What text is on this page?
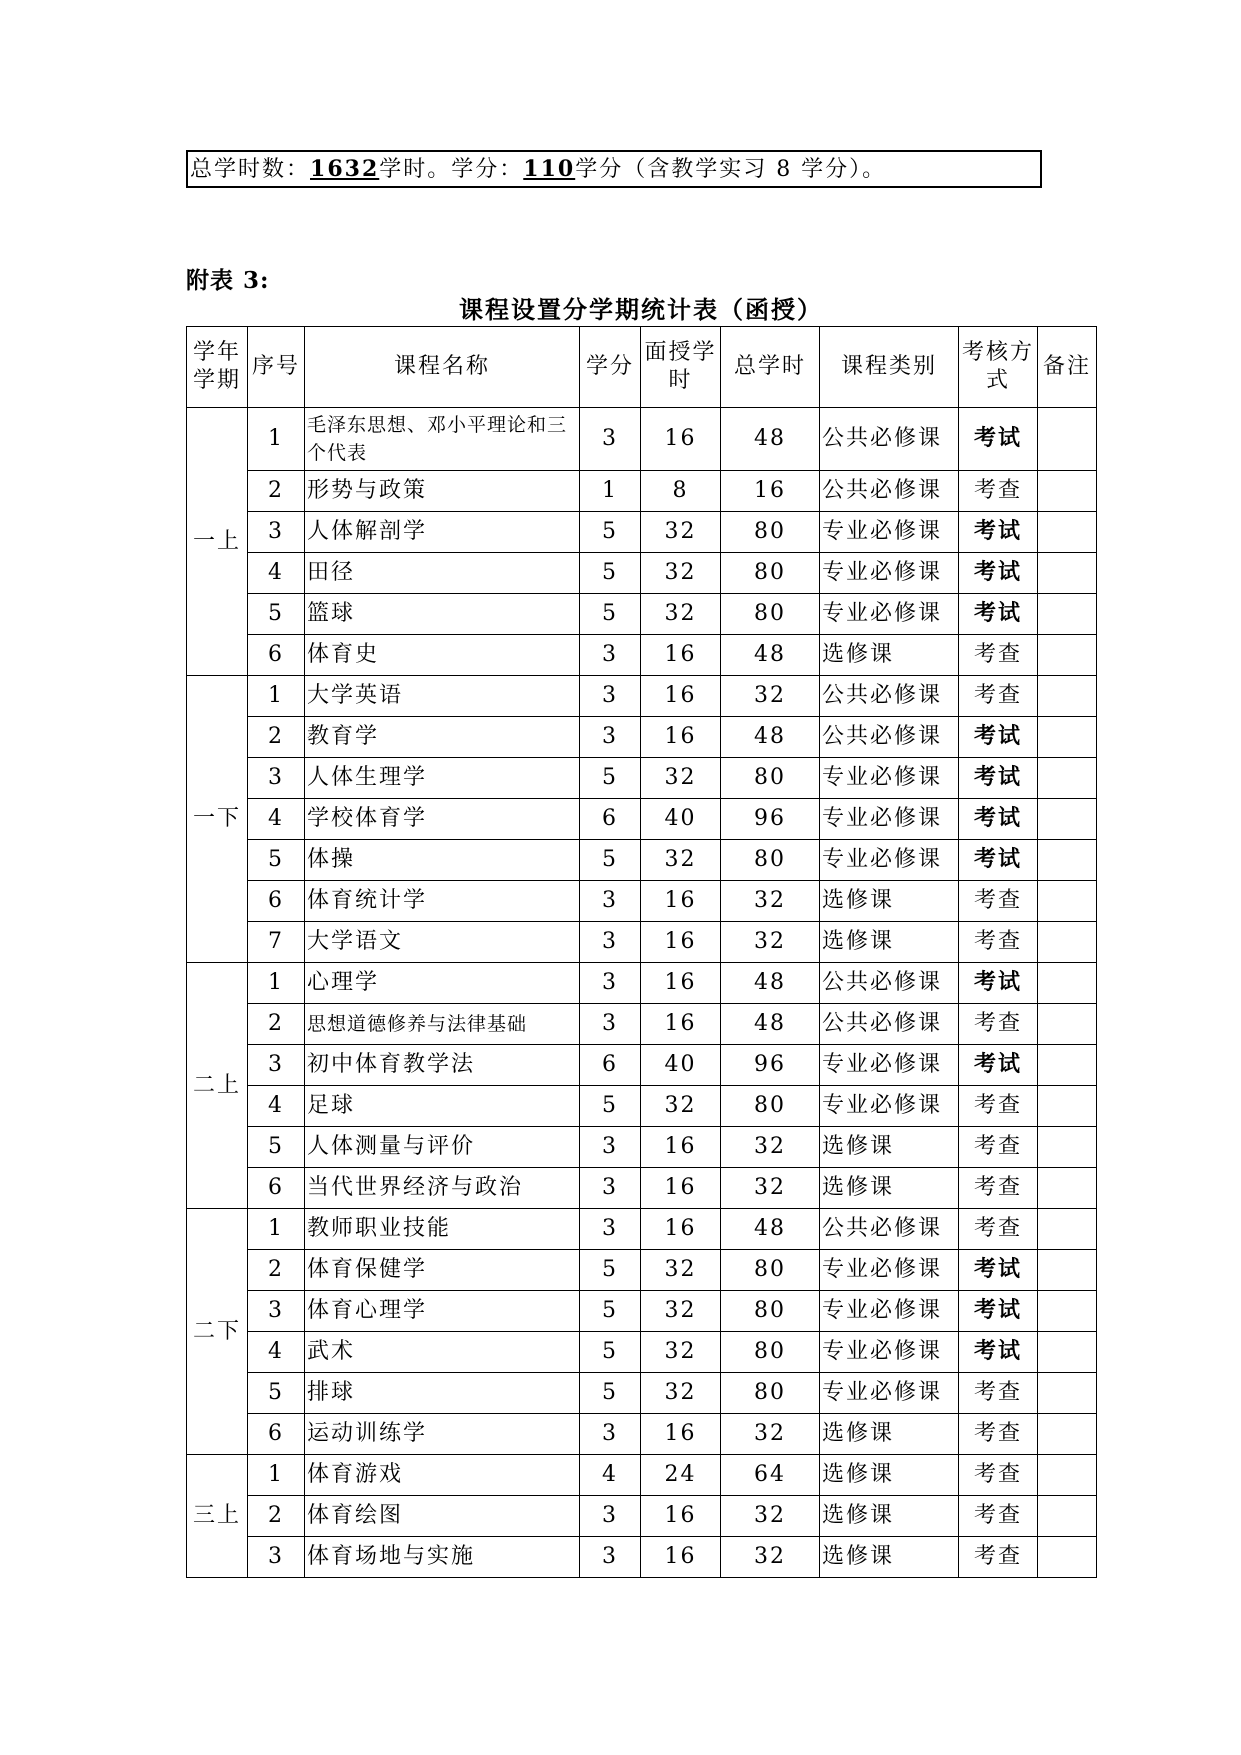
总学时数：1632学时。学分：110学分（含教学实习 8 学分）。
附表 3:
课程设置分学期统计表（函授）
学年学期	序号	课程名称	学分	面授学时	总学时	课程类别	考核方式	备注
一上	1	毛泽东思想、邓小平理论和三个代表	3	16	48	公共必修课	考试	
	2	形势与政策	1	8	16	公共必修课	考查	
	3	人体解剖学	5	32	80	专业必修课	考试	
	4	田径	5	32	80	专业必修课	考试	
	5	篮球	5	32	80	专业必修课	考试	
	6	体育史	3	16	48	选修课	考查	
一下	1	大学英语	3	16	32	公共必修课	考查	
	2	教育学	3	16	48	公共必修课	考试	
	3	人体生理学	5	32	80	专业必修课	考试	
	4	学校体育学	6	40	96	专业必修课	考试	
	5	体操	5	32	80	专业必修课	考试	
	6	体育统计学	3	16	32	选修课	考查	
	7	大学语文	3	16	32	选修课	考查	
二上	1	心理学	3	16	48	公共必修课	考试	
	2	思想道德修养与法律基础	3	16	48	公共必修课	考查	
	3	初中体育教学法	6	40	96	专业必修课	考试	
	4	足球	5	32	80	专业必修课	考查	
	5	人体测量与评价	3	16	32	选修课	考查	
	6	当代世界经济与政治	3	16	32	选修课	考查	
二下	1	教师职业技能	3	16	48	公共必修课	考查	
	2	体育保健学	5	32	80	专业必修课	考试	
	3	体育心理学	5	32	80	专业必修课	考试	
	4	武术	5	32	80	专业必修课	考试	
	5	排球	5	32	80	专业必修课	考查	
	6	运动训练学	3	16	32	选修课	考查	
三上	1	体育游戏	4	24	64	选修课	考查	
	2	体育绘图	3	16	32	选修课	考查	
	3	体育场地与实施	3	16	32	选修课	考查	
